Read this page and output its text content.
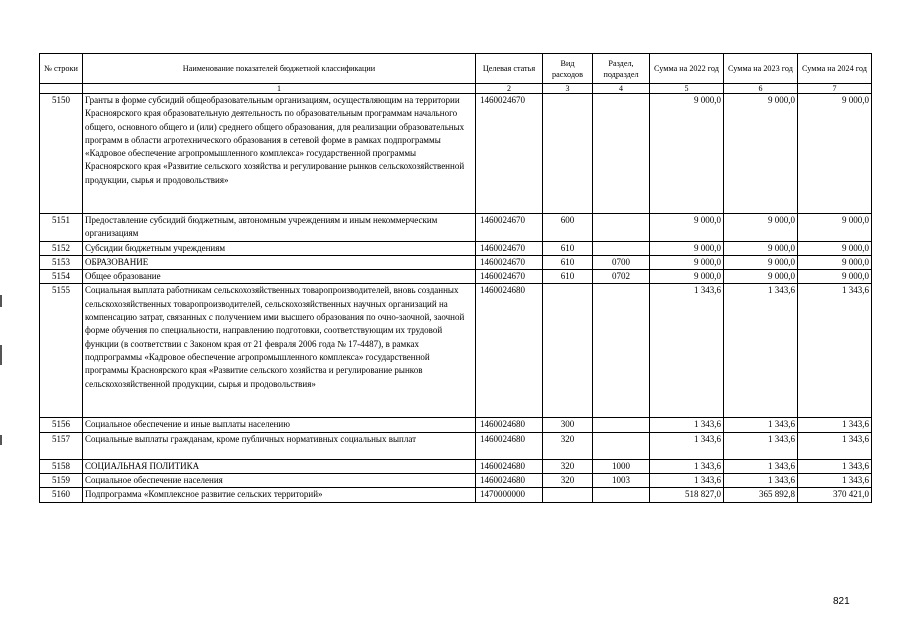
№ строки	Наименование показателей бюджетной классификации	Целевая статья	Вид расходов	Раздел, подраздел	Сумма на 2022 год	Сумма на 2023 год	Сумма на 2024 год
	1	2	3	4	5	6	7
5150	Гранты в форме субсидий общеобразовательным организациям, осуществляющим на территории Красноярского края образовательную деятельность по образовательным программам начального общего, основного общего и (или) среднего общего образования, для реализации образовательных программ в области агротехнического образования в сетевой форме в рамках подпрограммы «Кадровое обеспечение агропромышленного комплекса» государственной программы Красноярского края «Развитие сельского хозяйства и регулирование рынков сельскохозяйственной продукции, сырья и продовольствия»	1460024670			9 000,0	9 000,0	9 000,0
5151	Предоставление субсидий бюджетным, автономным учреждениям и иным некоммерческим организациям	1460024670	600		9 000,0	9 000,0	9 000,0
5152	Субсидии бюджетным учреждениям	1460024670	610		9 000,0	9 000,0	9 000,0
5153	ОБРАЗОВАНИЕ	1460024670	610	0700	9 000,0	9 000,0	9 000,0
5154	Общее образование	1460024670	610	0702	9 000,0	9 000,0	9 000,0
5155	Социальная выплата работникам сельскохозяйственных товаропроизводителей, вновь созданных сельскохозяйственных товаропроизводителей, сельскохозяйственных научных организаций на компенсацию затрат, связанных с получением ими высшего образования по очно-заочной, заочной форме обучения по специальности, направлению подготовки, соответствующим их трудовой функции (в соответствии с Законом края от 21 февраля 2006 года № 17-4487), в рамках подпрограммы «Кадровое обеспечение агропромышленного комплекса» государственной программы Красноярского края «Развитие сельского хозяйства и регулирование рынков сельскохозяйственной продукции, сырья и продовольствия»	1460024680			1 343,6	1 343,6	1 343,6
5156	Социальное обеспечение и иные выплаты населению	1460024680	300		1 343,6	1 343,6	1 343,6
5157	Социальные выплаты гражданам, кроме публичных нормативных социальных выплат	1460024680	320		1 343,6	1 343,6	1 343,6
5158	СОЦИАЛЬНАЯ ПОЛИТИКА	1460024680	320	1000	1 343,6	1 343,6	1 343,6
5159	Социальное обеспечение населения	1460024680	320	1003	1 343,6	1 343,6	1 343,6
5160	Подпрограмма «Комплексное развитие сельских территорий»	1470000000			518 827,0	365 892,8	370 421,0
821
